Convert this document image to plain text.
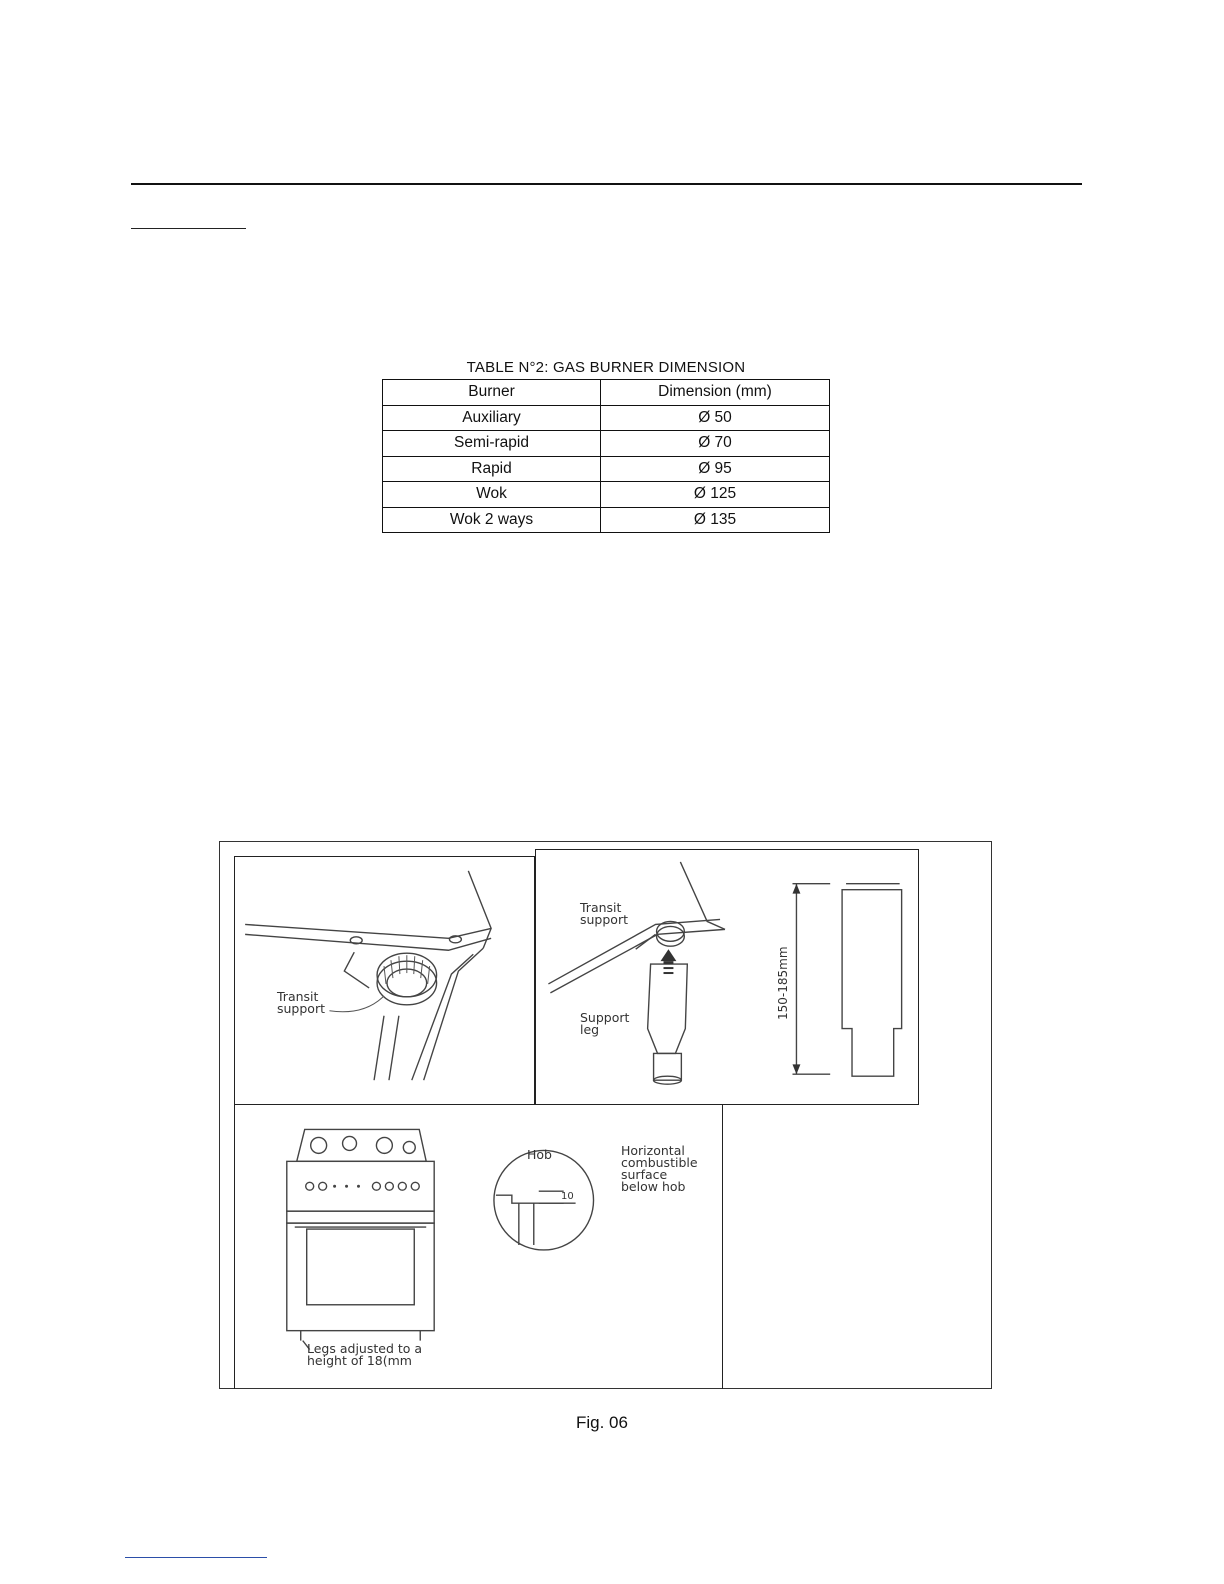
TABLE N°2: GAS BURNER DIMENSION
Burner	Dimension (mm)
Auxiliary	Ø 50
Semi-rapid	Ø 70
Rapid	Ø 95
Wok	Ø 125
Wok 2 ways	Ø 135
Transit
support
Transit
support
Support
leg
150-185mm
Legs adjusted to a
height of 18(mm
Hob
10
Horizontal
combustible
surface
below hob
Fig. 06
